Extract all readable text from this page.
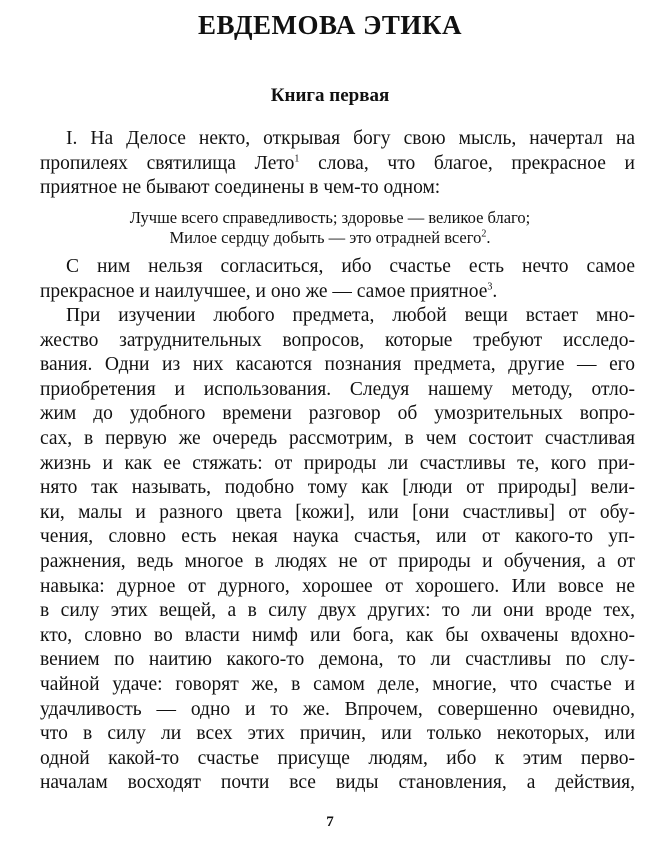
ЕВДЕМОВА ЭТИКА
Книга первая
I. На Делосе некто, открывая богу свою мысль, начертал на
пропилеях святилища Лето$^1$ слова, что благое, прекрасное и
приятное не бывают соединены в чем-то одном:
Лучше всего справедливость; здоровье — великое благо;
Милое сердцу добыть — это отрадней всего$^2$.
С ним нельзя согласиться, ибо счастье есть нечто самое
прекрасное и наилучшее, и оно же — самое приятное$^3$.
При изучении любого предмета, любой вещи встает мно-
жество затруднительных вопросов, которые требуют исследо-
вания. Одни из них касаются познания предмета, другие — его
приобретения и использования. Следуя нашему методу, отло-
жим до удобного времени разговор об умозрительных вопро-
сах, в первую же очередь рассмотрим, в чем состоит счастливая
жизнь и как ее стяжать: от природы ли счастливы те, кого при-
нято так называть, подобно тому как [люди от природы] вели-
ки, малы и разного цвета [кожи], или [они счастливы] от обу-
чения, словно есть некая наука счастья, или от какого-то уп-
ражнения, ведь многое в людях не от природы и обучения, а от
навыка: дурное от дурного, хорошее от хорошего. Или вовсе не
в силу этих вещей, а в силу двух других: то ли они вроде тех,
кто, словно во власти нимф или бога, как бы охвачены вдохно-
вением по наитию какого-то демона, то ли счастливы по слу-
чайной удаче: говорят же, в самом деле, многие, что счастье и
удачливость — одно и то же. Впрочем, совершенно очевидно,
что в силу ли всех этих причин, или только некоторых, или
одной какой-то счастье присуще людям, ибо к этим перво-
началам восходят почти все виды становления, а действия,
7
